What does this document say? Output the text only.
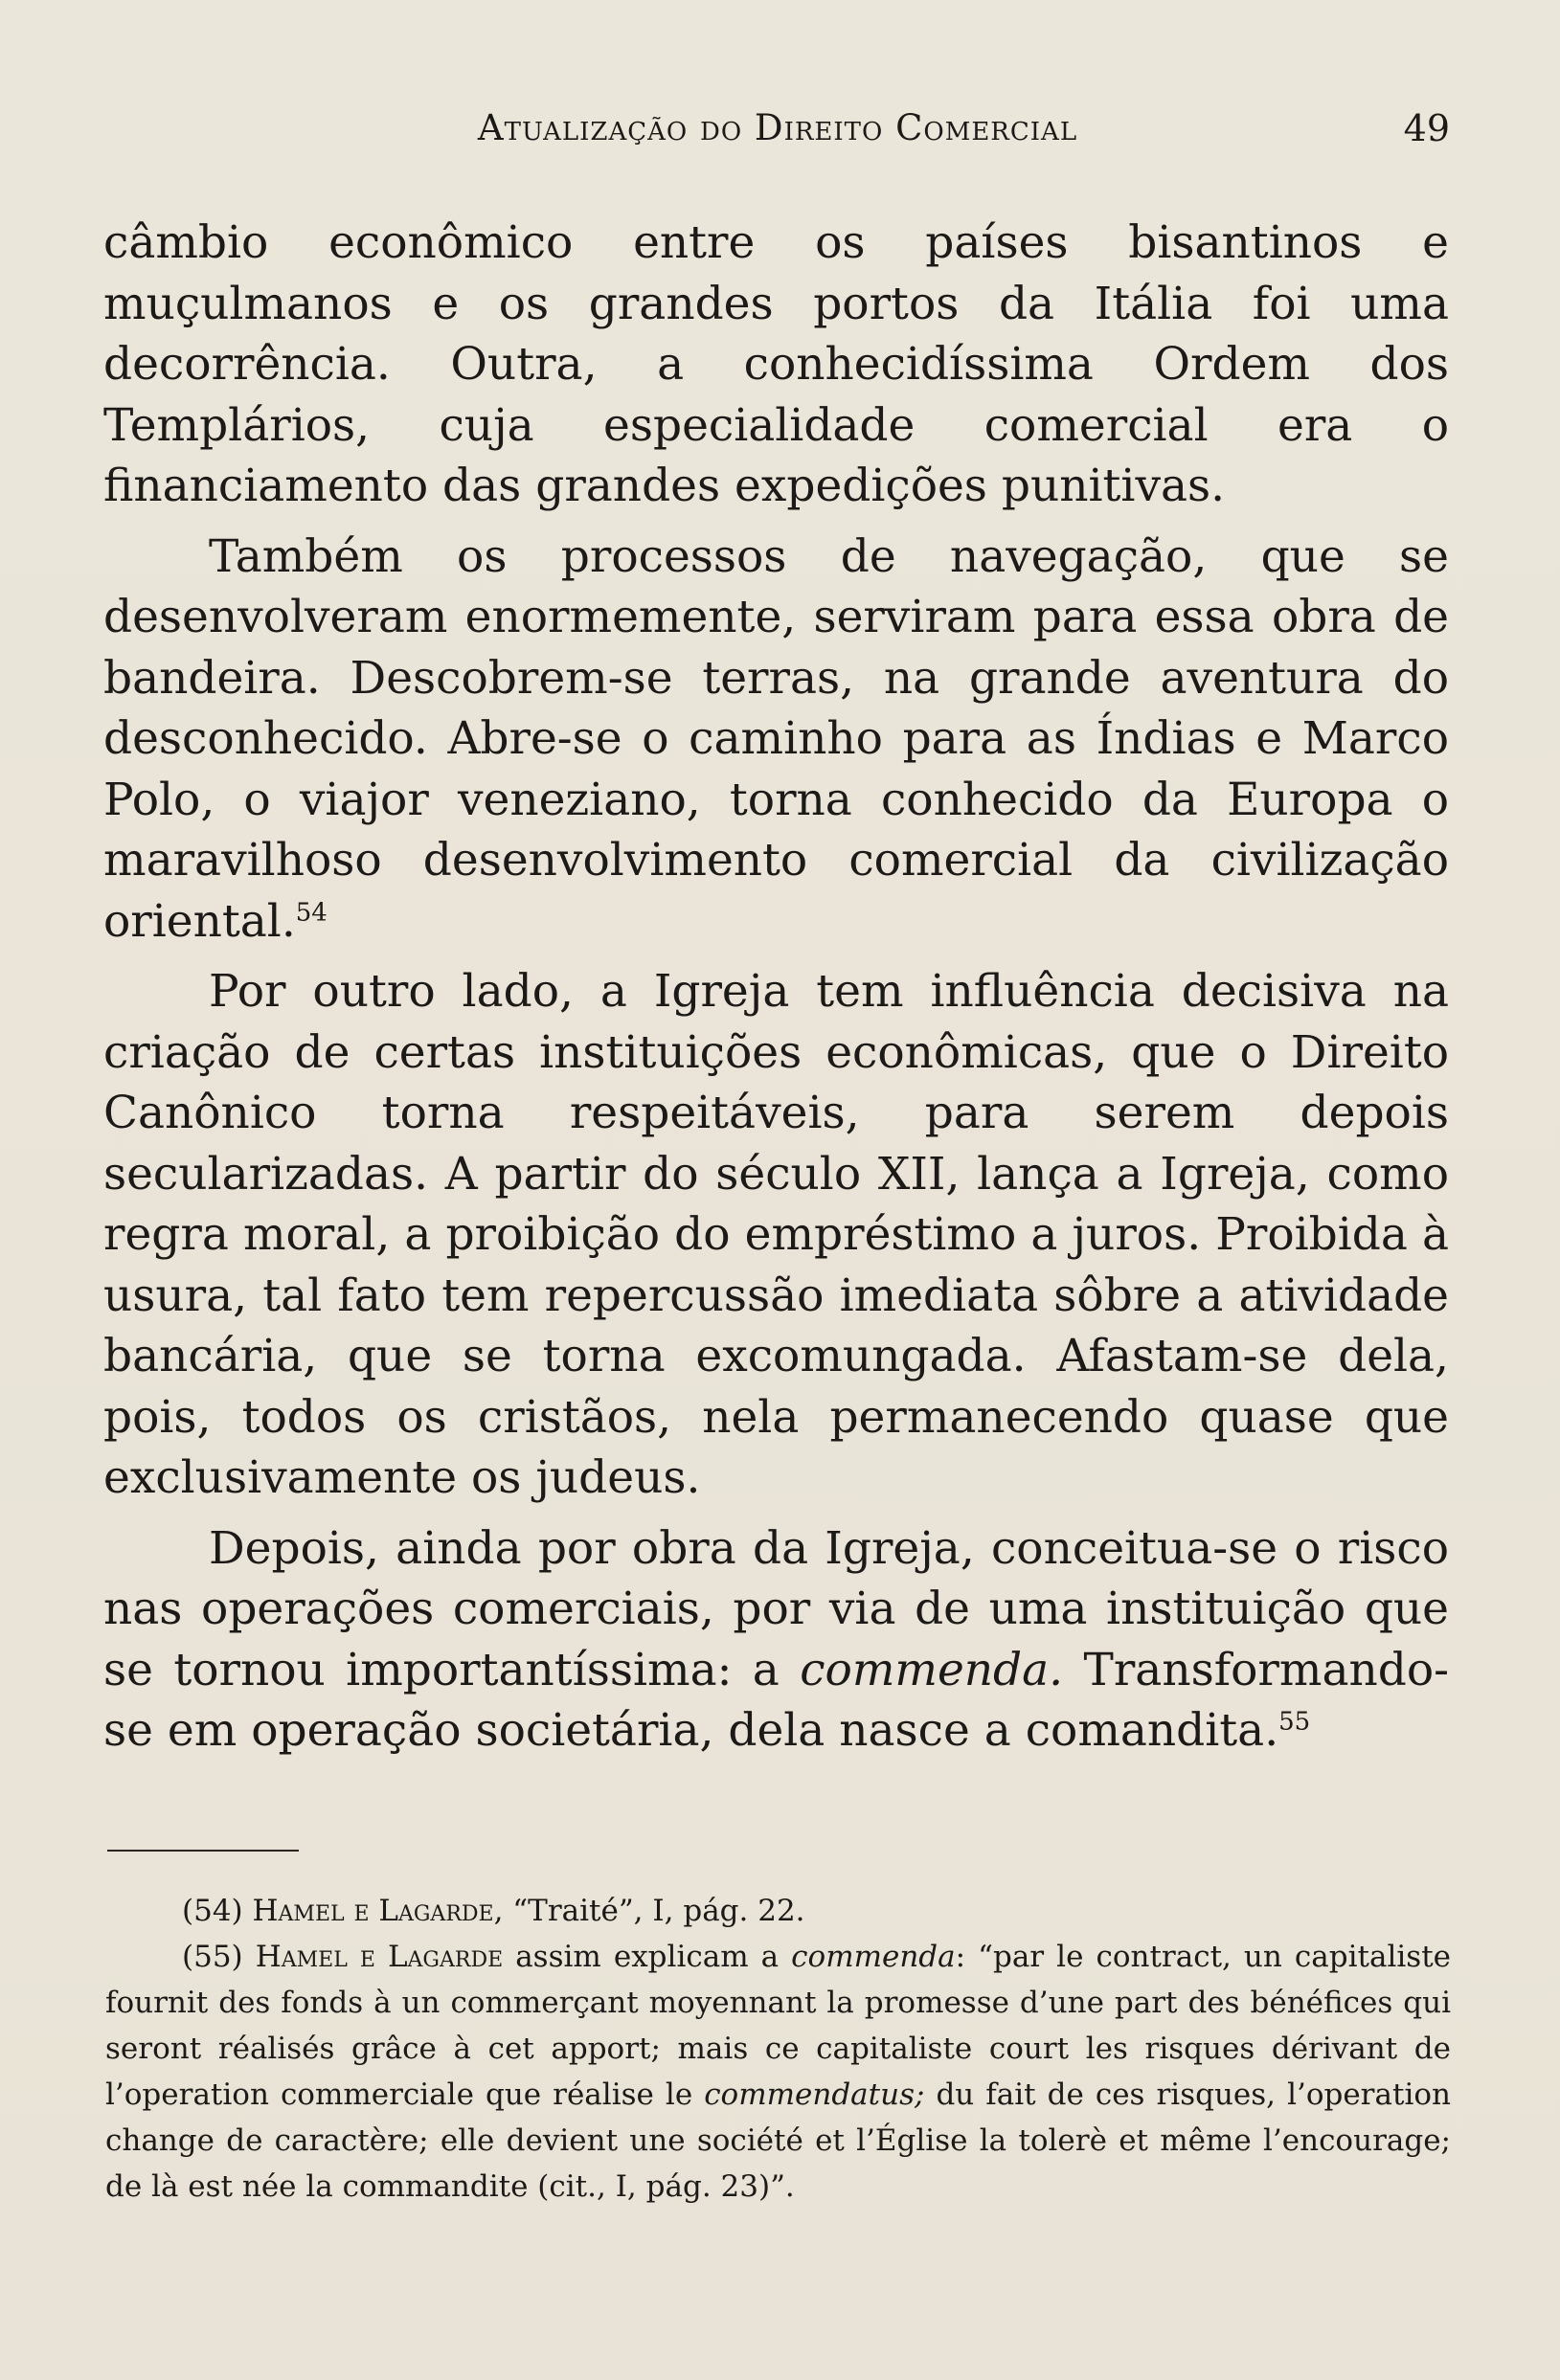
Atualização do Direito Comercial	49

câmbio econômico entre os países bisantinos e muçulmanos e os grandes portos da Itália foi uma decorrência. Outra, a conhecidíssima Ordem dos Templários, cuja especialidade comercial era o financiamento das grandes expedições punitivas.

Também os processos de navegação, que se desenvolveram enormemente, serviram para essa obra de bandeira. Descobrem-se terras, na grande aventura do desconhecido. Abre-se o caminho para as Índias e Marco Polo, o viajor veneziano, torna conhecido da Europa o maravilhoso desenvolvimento comercial da civilização oriental.$^{54}$

Por outro lado, a Igreja tem influência decisiva na criação de certas instituições econômicas, que o Direito Canônico torna respeitáveis, para serem depois secularizadas. A partir do século XII, lança a Igreja, como regra moral, a proibição do empréstimo a juros. Proibida à usura, tal fato tem repercussão imediata sôbre a atividade bancária, que se torna excomungada. Afastam-se dela, pois, todos os cristãos, nela permanecendo quase que exclusivamente os judeus.

Depois, ainda por obra da Igreja, conceitua-se o risco nas operações comerciais, por via de uma instituição que se tornou importantíssima: a commenda. Transformando-se em operação societária, dela nasce a comandita.$^{55}$

(54) Hamel e Lagarde, “Traité”, I, pág. 22.

(55) Hamel e Lagarde assim explicam a commenda: “par le contract, un capitaliste fournit des fonds à un commerçant moyennant la promesse d’une part des bénéfices qui seront réalisés grâce à cet apport; mais ce capitaliste court les risques dérivant de l’operation commerciale que réalise le commendatus; du fait de ces risques, l’operation change de caractère; elle devient une société et l’Église la tolerè et même l’encourage; de là est née la commandite (cit., I, pág. 23)”.
